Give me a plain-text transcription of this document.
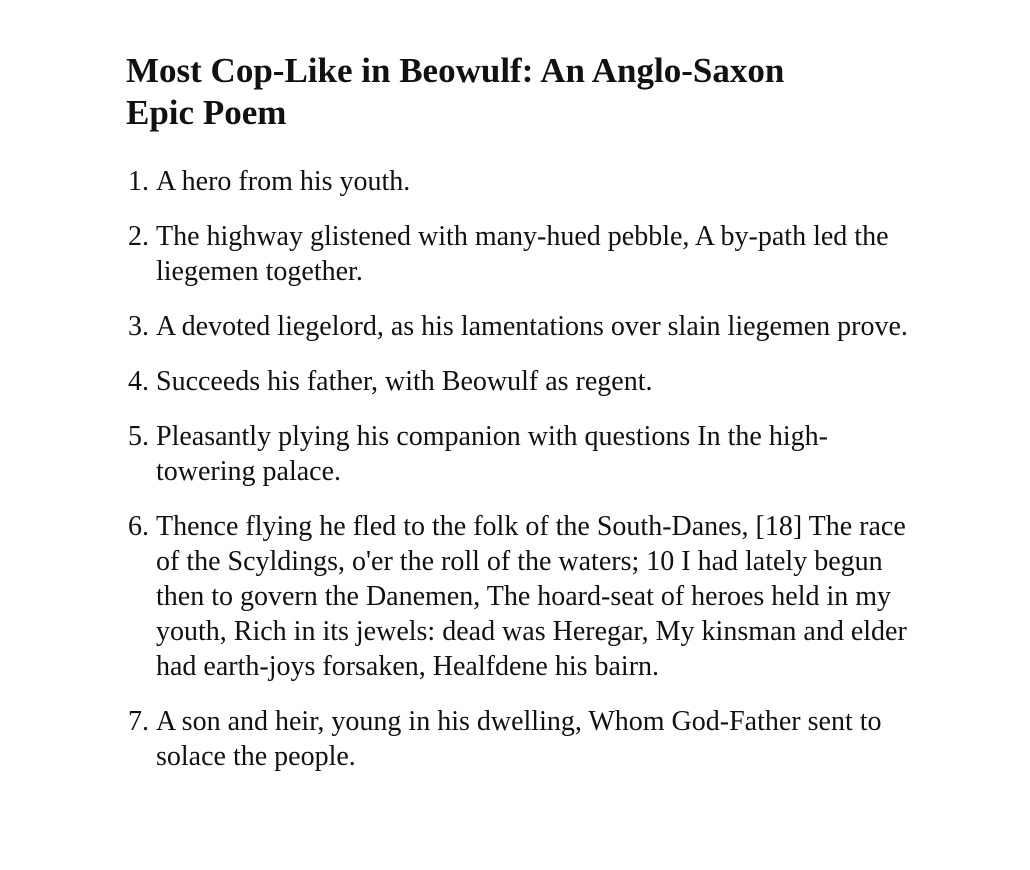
Most Cop-Like in Beowulf: An Anglo-Saxon Epic Poem
1. A hero from his youth.
2. The highway glistened with many-hued pebble, A by-path led the liegemen together.
3. A devoted liegelord, as his lamentations over slain liegemen prove.
4. Succeeds his father, with Beowulf as regent.
5. Pleasantly plying his companion with questions In the high-towering palace.
6. Thence flying he fled to the folk of the South-Danes, [18] The race of the Scyldings, o'er the roll of the waters; 10 I had lately begun then to govern the Danemen, The hoard-seat of heroes held in my youth, Rich in its jewels: dead was Heregar, My kinsman and elder had earth-joys forsaken, Healfdene his bairn.
7. A son and heir, young in his dwelling, Whom God-Father sent to solace the people.
